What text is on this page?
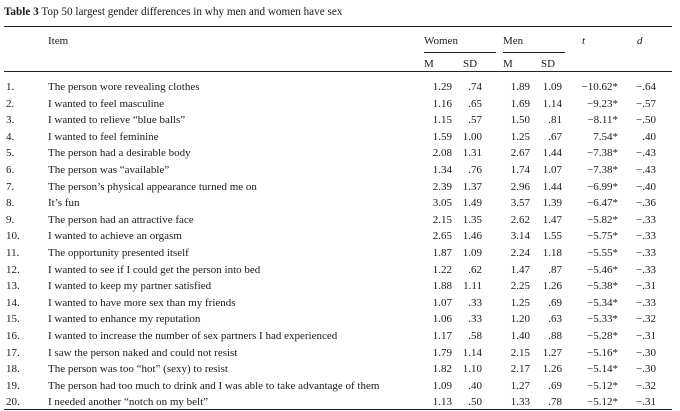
Table 3 Top 50 largest gender differences in why men and women have sex
Item	Women	Men	t	d
M	SD M	SD
1.	The person wore revealing clothes	1.29	.74	1.89	1.09	−10.62*	−.64
2.	I wanted to feel masculine	1.16	.65	1.69	1.14	−9.23*	−.57
3.	I wanted to relieve “blue balls”	1.15	.57	1.50	.81	−8.11*	−.50
4.	I wanted to feel feminine	1.59 1.00	1.25	.67	7.54*	.40
5.	The person had a desirable body	2.08 1.31	2.67	1.44	−7.38*	−.43
6.	The person was “available”	1.34	.76	1.74	1.07	−7.38*	−.43
7.	The person’s physical appearance turned me on	2.39 1.37	2.96	1.44	−6.99*	−.40
8.	It’s fun	3.05 1.49	3.57	1.39	−6.47*	−.36
9.	The person had an attractive face	2.15 1.35	2.62	1.47	−5.82*	−.33
10.	I wanted to achieve an orgasm	2.65 1.46	3.14	1.55	−5.75*	−.33
11.	The opportunity presented itself	1.87 1.09	2.24	1.18	−5.55*	−.33
12.	I wanted to see if I could get the person into bed	1.22	.62	1.47	.87	−5.46*	−.33
13.	I wanted to keep my partner satisfied	1.88	1.11	2.25	1.26	−5.38*	−.31
14.	I wanted to have more sex than my friends	1.07	.33	1.25	.69	−5.34*	−.33
15.	I wanted to enhance my reputation	1.06	.33	1.20	.63	−5.33*	−.32
16.	I wanted to increase the number of sex partners I had experienced	1.17	.58	1.40	.88	−5.28*	−.31
17.	I saw the person naked and could not resist	1.79 1.14	2.15	1.27	−5.16*	−.30
18.	The person was too “hot” (sexy) to resist	1.82 1.10	2.17	1.26	−5.14*	−.30
19.	The person had too much to drink and I was able to take advantage of them	1.09	.40	1.27	.69	−5.12*	−.32
20.	I needed another “notch on my belt”	1.13	.50	1.33	.78	−5.12*	−.31
